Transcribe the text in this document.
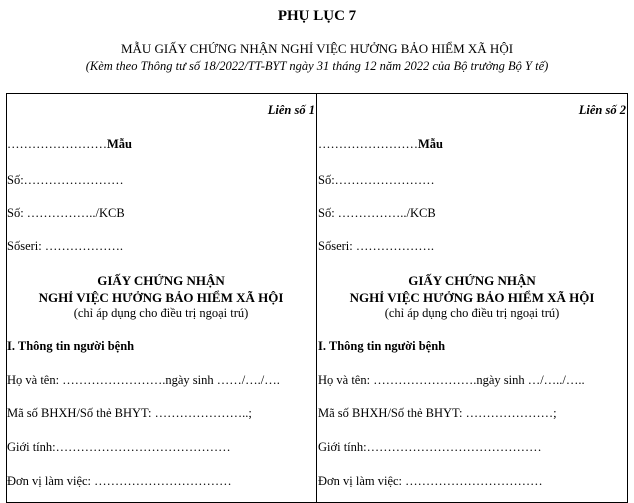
PHỤ LỤC 7
MẪU GIẤY CHỨNG NHẬN NGHỈ VIỆC HƯỞNG BẢO HIỂM XÃ HỘI
(Kèm theo Thông tư số 18/2022/TT-BYT ngày 31 tháng 12 năm 2022 của Bộ trưởng Bộ Y tế)
Liên số 1
……………………Mẫu
Số:……………………
Số: ……………../KCB
Sốseri: ……………….
GIẤY CHỨNG NHẬN
NGHỈ VIỆC HƯỞNG BẢO HIỂM XÃ HỘI
(chỉ áp dụng cho điều trị ngoại trú)
I. Thông tin người bệnh
Họ và tên: …………………….ngày sinh ……/…./….
Mã số BHXH/Số thẻ BHYT: …………………..;
Giới tính:……………………………………
Đơn vị làm việc: ……………………………
Liên số 2
……………………Mẫu
Số:……………………
Số: ……………../KCB
Sốseri: ……………….
GIẤY CHỨNG NHẬN
NGHỈ VIỆC HƯỞNG BẢO HIỂM XÃ HỘI
(chỉ áp dụng cho điều trị ngoại trú)
I. Thông tin người bệnh
Họ và tên: …………………….ngày sinh …/…../…..
Mã số BHXH/Số thẻ BHYT: …………………;
Giới tính:……………………………………
Đơn vị làm việc: ……………………………
